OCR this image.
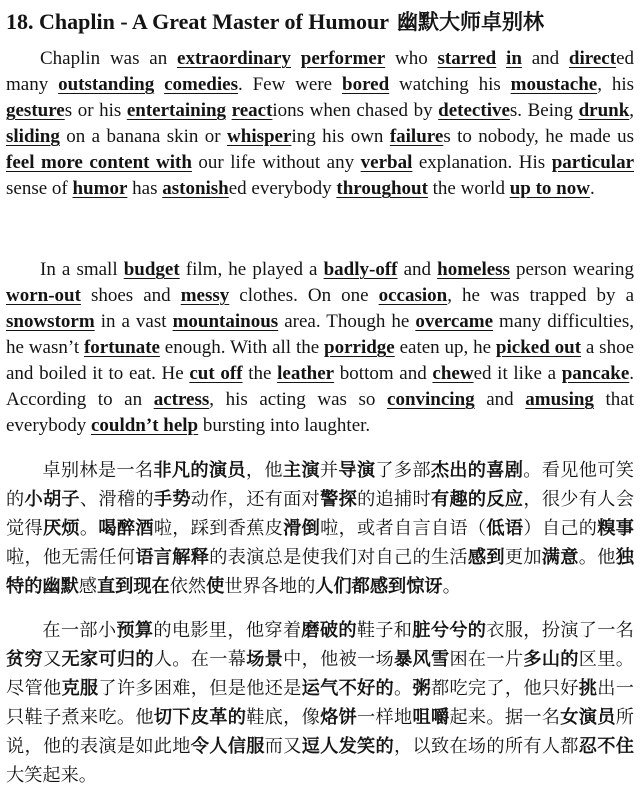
18. Chaplin - A Great Master of Humour 幽默大师卓别林

Chaplin was an extraordinary performer who starred in and directed many outstanding comedies. Few were bored watching his moustache, his gestures or his entertaining reactions when chased by detectives. Being drunk, sliding on a banana skin or whispering his own failures to nobody, he made us feel more content with our life without any verbal explanation. His particular sense of humor has astonished everybody throughout the world up to now.

In a small budget film, he played a badly-off and homeless person wearing worn-out shoes and messy clothes. On one occasion, he was trapped by a snowstorm in a vast mountainous area. Though he overcame many difficulties, he wasn’t fortunate enough. With all the porridge eaten up, he picked out a shoe and boiled it to eat. He cut off the leather bottom and chewed it like a pancake. According to an actress, his acting was so convincing and amusing that everybody couldn’t help bursting into laughter.

卓别林是一名非凡的演员，他主演并导演了多部杰出的喜剧。看见他可笑的小胡子、滑稽的手势动作，还有面对警探的追捕时有趣的反应，很少有人会觉得厌烦。喝醉酒啦，踩到香蕉皮滑倒啦，或者自言自语（低语）自己的糗事啦，他无需任何语言解释的表演总是使我们对自己的生活感到更加满意。他独特的幽默感直到现在依然使世界各地的人们都感到惊讶。

在一部小预算的电影里，他穿着磨破的鞋子和脏兮兮的衣服，扮演了一名贫穷又无家可归的人。在一幕场景中，他被一场暴风雪困在一片多山的区里。尽管他克服了许多困难，但是他还是运气不好的。粥都吃完了，他只好挑出一只鞋子煮来吃。他切下皮革的鞋底，像烙饼一样地咀嚼起来。据一名女演员所说，他的表演是如此地令人信服而又逗人发笑的，以致在场的所有人都忍不住大笑起来。
